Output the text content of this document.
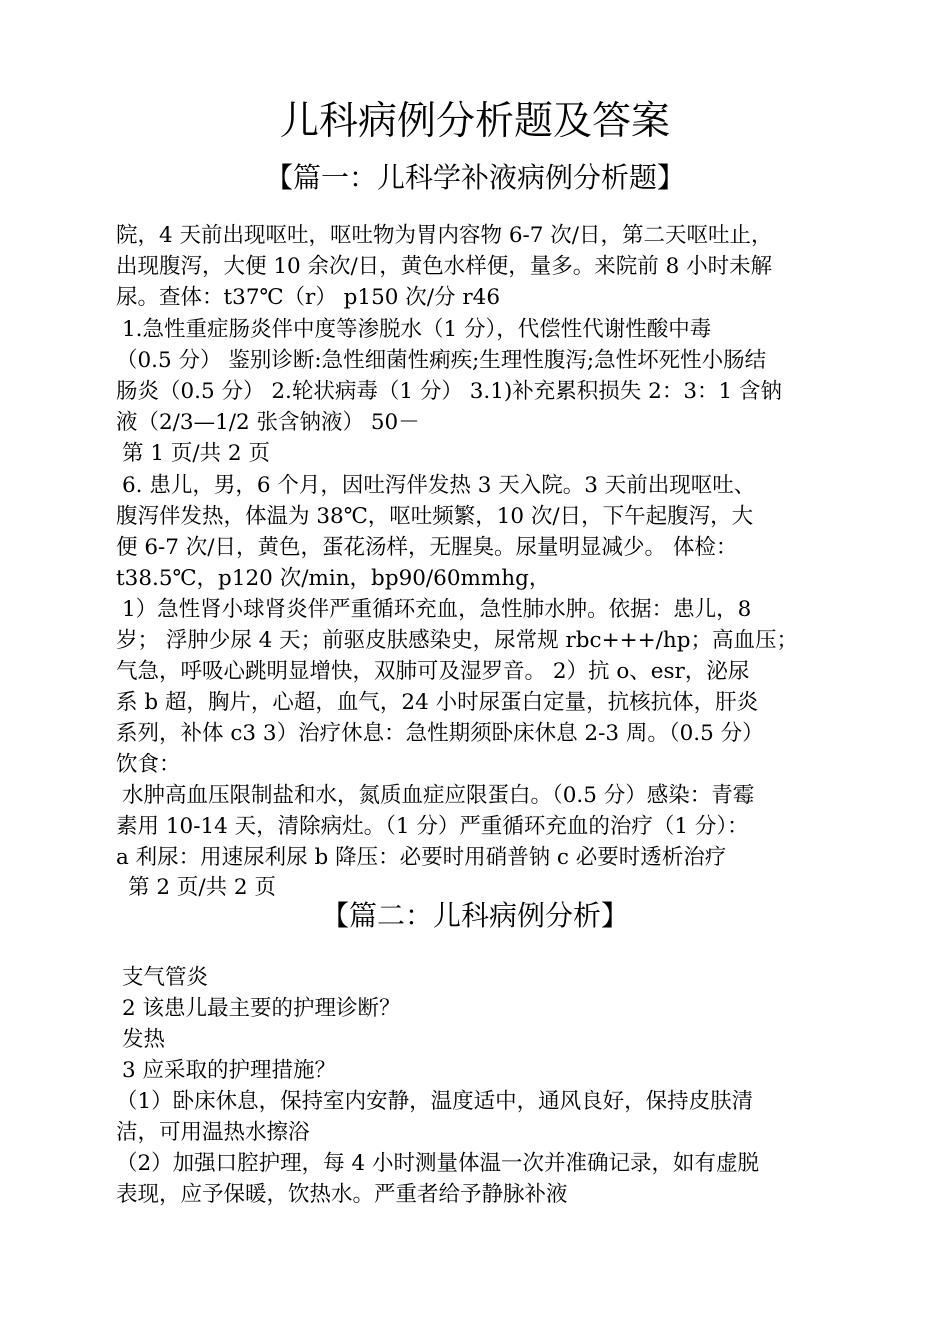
儿科病例分析题及答案
【篇一：儿科学补液病例分析题】
院，4 天前出现呕吐，呕吐物为胃内容物 6-7 次/日，第二天呕吐止，
出现腹泻，大便 10 余次/日，黄色水样便，量多。来院前 8 小时未解
尿。查体：t37℃（r） p150 次/分 r46
1.急性重症肠炎伴中度等渗脱水（1 分），代偿性代谢性酸中毒
（0.5 分） 鉴别诊断:急性细菌性痢疾;生理性腹泻;急性坏死性小肠结
肠炎（0.5 分） 2.轮状病毒（1 分） 3.1)补充累积损失 2：3：1 含钠
液（2/3—1/2 张含钠液） 50－
第 1 页/共 2 页
6. 患儿，男，6 个月，因吐泻伴发热 3 天入院。3 天前出现呕吐、
腹泻伴发热，体温为 38℃，呕吐频繁，10 次/日，下午起腹泻，大
便 6-7 次/日，黄色，蛋花汤样，无腥臭。尿量明显减少。 体检：
t38.5℃，p120 次/min，bp90/60mmhg，
1）急性肾小球肾炎伴严重循环充血，急性肺水肿。依据：患儿，8
岁； 浮肿少尿 4 天；前驱皮肤感染史，尿常规 rbc+++/hp；高血压；
气急，呼吸心跳明显增快，双肺可及湿罗音。 2）抗 o、esr，泌尿
系 b 超，胸片，心超，血气，24 小时尿蛋白定量，抗核抗体，肝炎
系列，补体 c3 3）治疗休息：急性期须卧床休息 2-3 周。（0.5 分）
饮食：
水肿高血压限制盐和水，氮质血症应限蛋白。（0.5 分）感染：青霉
素用 10-14 天，清除病灶。（1 分）严重循环充血的治疗（1 分）：
a 利尿：用速尿利尿 b 降压：必要时用硝普钠 c 必要时透析治疗
第 2 页/共 2 页
【篇二：儿科病例分析】
支气管炎
2 该患儿最主要的护理诊断？
发热
3 应采取的护理措施？
（1）卧床休息，保持室内安静，温度适中，通风良好，保持皮肤清
洁，可用温热水擦浴
（2）加强口腔护理，每 4 小时测量体温一次并准确记录，如有虚脱
表现，应予保暖，饮热水。严重者给予静脉补液
